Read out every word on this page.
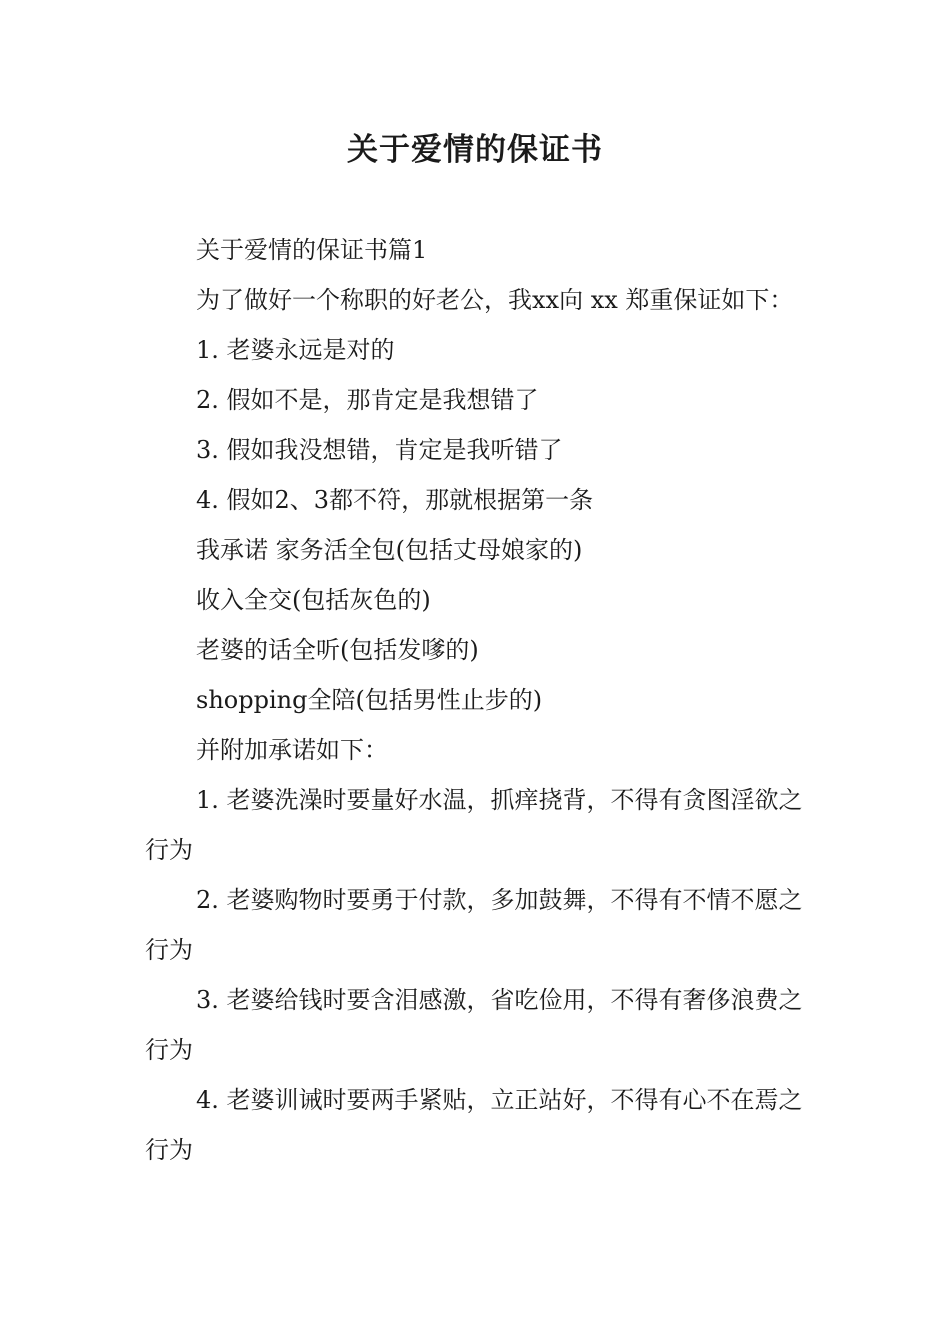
关于爱情的保证书

关于爱情的保证书篇1

为了做好一个称职的好老公，我xx向 xx 郑重保证如下：

1. 老婆永远是对的

2. 假如不是，那肯定是我想错了

3. 假如我没想错，肯定是我听错了

4. 假如2、3都不符，那就根据第一条

我承诺 家务活全包(包括丈母娘家的)

收入全交(包括灰色的)

老婆的话全听(包括发嗲的)

shopping全陪(包括男性止步的)

并附加承诺如下：

1. 老婆洗澡时要量好水温，抓痒挠背，不得有贪图淫欲之行为

2. 老婆购物时要勇于付款，多加鼓舞，不得有不情不愿之行为

3. 老婆给钱时要含泪感激，省吃俭用，不得有奢侈浪费之行为

4. 老婆训诫时要两手紧贴，立正站好，不得有心不在焉之行为
